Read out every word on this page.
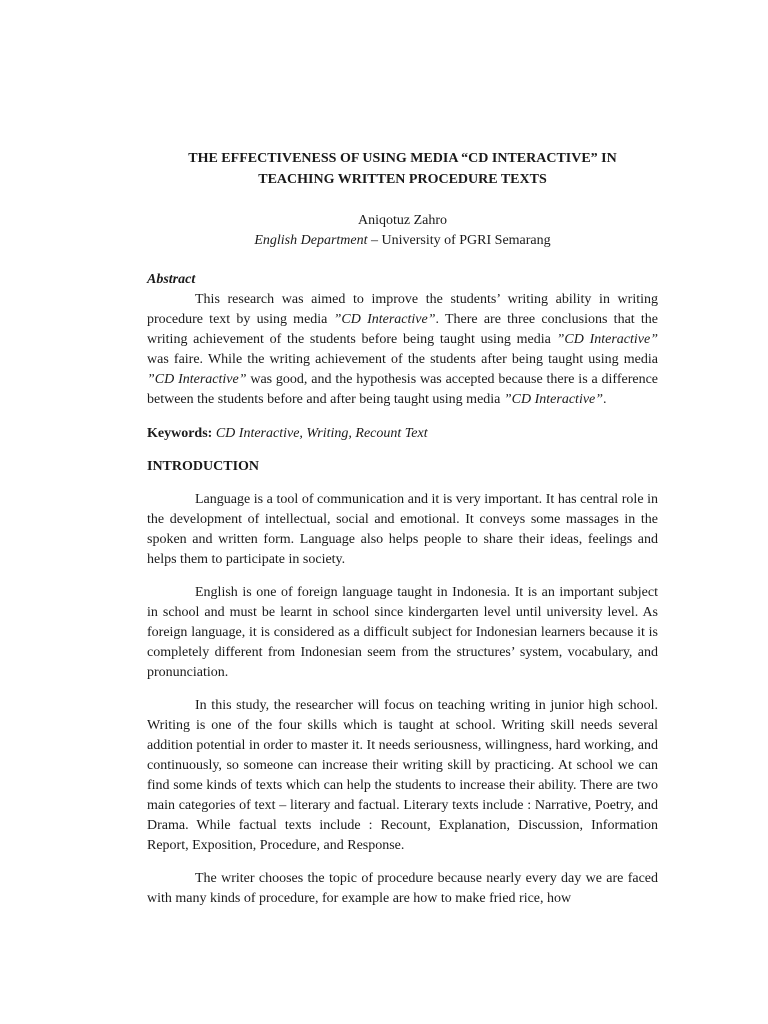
THE EFFECTIVENESS OF USING MEDIA “CD INTERACTIVE” IN
TEACHING WRITTEN PROCEDURE TEXTS
Aniqotuz Zahro
English Department – University of PGRI Semarang
Abstract

This research was aimed to improve the students’ writing ability in writing procedure text by using media ”CD Interactive”. There are three conclusions that the writing achievement of the students before being taught using media ”CD Interactive” was faire. While the writing achievement of the students after being taught using media ”CD Interactive” was good, and the hypothesis was accepted because there is a difference between the students before and after being taught using media ”CD Interactive”.

Keywords: CD Interactive, Writing, Recount Text
INTRODUCTION

Language is a tool of communication and it is very important. It has central role in the development of intellectual, social and emotional. It conveys some massages in the spoken and written form. Language also helps people to share their ideas, feelings and helps them to participate in society.

English is one of foreign language taught in Indonesia. It is an important subject in school and must be learnt in school since kindergarten level until university level. As foreign language, it is considered as a difficult subject for Indonesian learners because it is completely different from Indonesian seem from the structures’ system, vocabulary, and pronunciation.

In this study, the researcher will focus on teaching writing in junior high school. Writing is one of the four skills which is taught at school. Writing skill needs several addition potential in order to master it. It needs seriousness, willingness, hard working, and continuously, so someone can increase their writing skill by practicing. At school we can find some kinds of texts which can help the students to increase their ability. There are two main categories of text – literary and factual. Literary texts include : Narrative, Poetry, and Drama. While factual texts include : Recount, Explanation, Discussion, Information Report, Exposition, Procedure, and Response.

The writer chooses the topic of procedure because nearly every day we are faced with many kinds of procedure, for example are how to make fried rice, how
